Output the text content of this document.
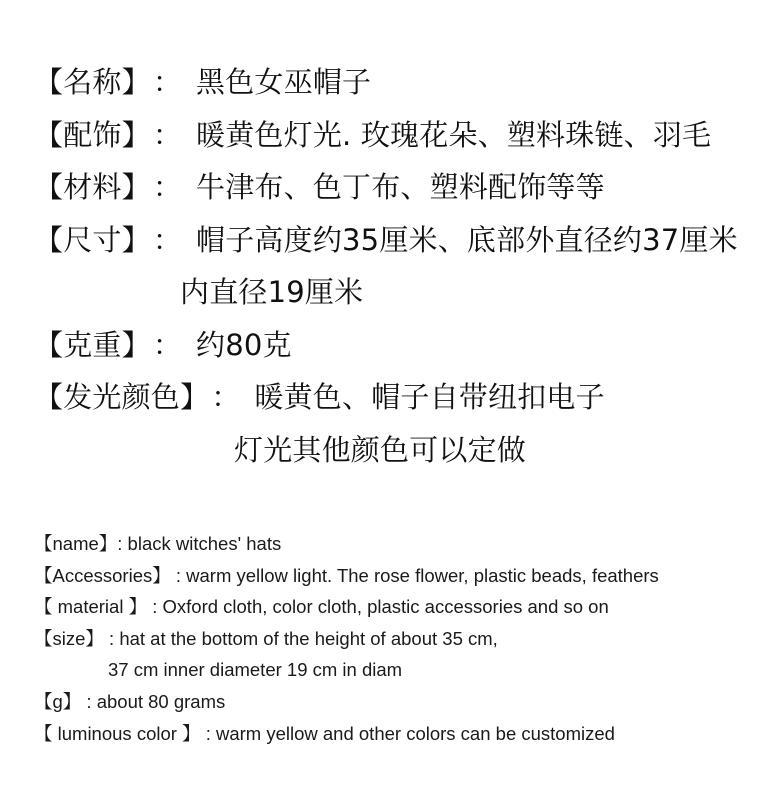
【名称】： 黑色女巫帽子
【配饰】： 暖黄色灯光. 玫瑰花朵、塑料珠链、羽毛
【材料】： 牛津布、色丁布、塑料配饰等等
【尺寸】： 帽子高度约35厘米、底部外直径约37厘米
内直径19厘米
【克重】： 约80克
【发光颜色】： 暖黄色、帽子自带纽扣电子
灯光其他颜色可以定做
【name】: black witches' hats
【Accessories】 : warm yellow light. The rose flower, plastic beads, feathers
【 material 】 : Oxford cloth, color cloth, plastic accessories and so on
【size】 : hat at the bottom of the height of about 35 cm,
37 cm inner diameter 19 cm in diam
【g】 : about 80 grams
【 luminous color 】 : warm yellow and other colors can be customized
